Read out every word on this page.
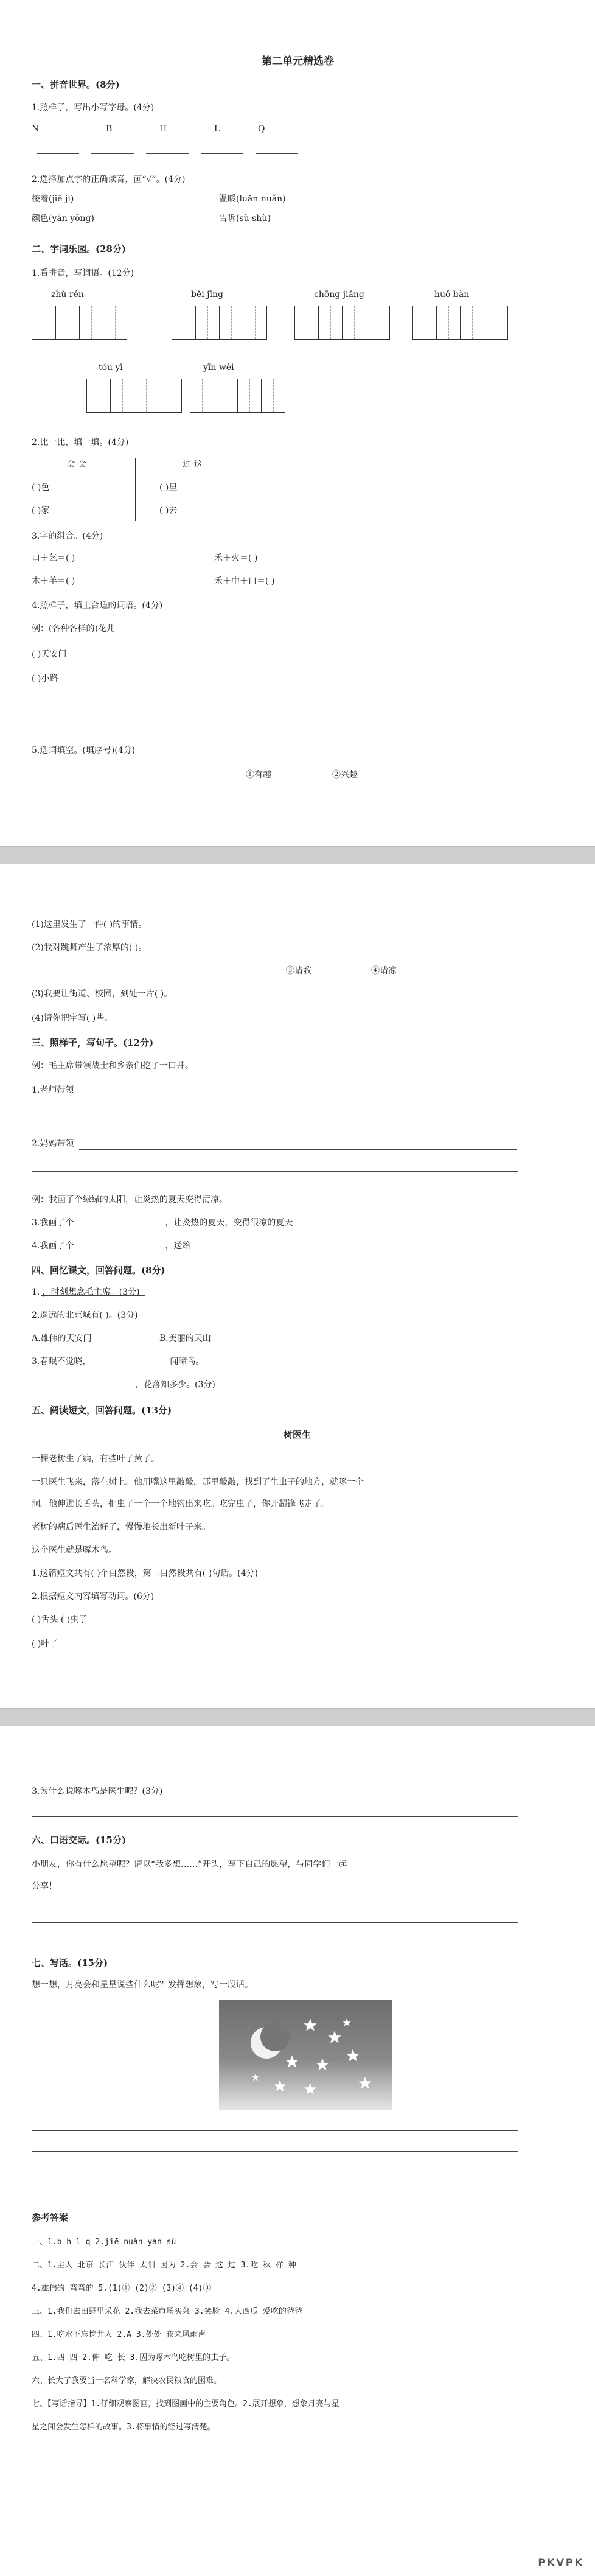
第二单元精选卷
一、拼音世界。(8分)
1.照样子，写出小写字母。(4分)
N	B	H	L	Q
2.选择加点字的正确读音，画“√”。(4分)
接着(jiē jì)	温暖(luǎn nuǎn)
颜色(yán yōng)	告诉(sù shù)
二、字词乐园。(28分)
1.看拼音，写词语。(12分)
zhǔ rén	běi jīng	chōng jiǎng	huǒ bàn
tóu yī	yīn wèi
2.比一比，填一填。(4分)
会 会	过 这
( )色	( )里
( )家	( )去
3.字的组合。(4分)
口＋乞＝( )	禾＋火＝( )
木＋羊＝( )	禾＋中＋口＝( )
4.照样子，填上合适的词语。(4分)
例：(各种各样的)花儿
( )天安门
( )小路
5.选词填空。(填序号)(4分)
①有趣	②兴趣
(1)这里发生了一件( )的事情。
(2)我对跳舞产生了浓厚的( )。
③请教	④请凉
(3)我要让街道、校园，到处一片( )。
(4)请你把字写( )些。
三、照样子，写句子。(12分)
例：毛主席带领战士和乡亲们挖了一口井。
1.老师带领
2.妈妈带领
例：我画了个绿绿的太阳，让炎热的夏天变得清凉。
3.我画了个	，让炎热的夏天，变得很凉的夏天
4.我画了个	，送给
四、回忆课文，回答问题。(8分)
1. ，时刻想念毛主席。(3分)
2.遥远的北京城有( )。(3分)
A.雄伟的天安门	B.美丽的天山
3.春眠不觉晓，	闻啼鸟。
，花落知多少。(3分)
五、阅读短文，回答问题。(13分)
树医生
一棵老树生了病，有些叶子黄了。
一只医生飞来，落在树上。他用嘴这里敲敲，那里敲敲，找到了生虫子的地方，就啄一个
洞。他伸进长舌头，把虫子一个一个地钩出来吃。吃完虫子，你开超锋飞走了。
老树的病后医生治好了，慢慢地长出新叶子来。
这个医生就是啄木鸟。
1.这篇短文共有( )个自然段，第二自然段共有( )句话。(4分)
2.根据短文内容填写动词。(6分)
( )舌头 ( )虫子
( )叶子
3.为什么说啄木鸟是医生呢？(3分)
六、口语交际。(15分)
小朋友，你有什么愿望呢？请以“我多想……”开头，写下自己的愿望，与同学们一起
分享！
七、写话。(15分)
想一想，月亮会和星星说些什么呢？发挥想象，写一段话。
参考答案
一、1.b h l q 2.jiē nuǎn yán sù
二、1.主人 北京 长江 伙伴 太阳 因为 2.会 会 这 过 3.吃 秋 样 种
4.雄伟的 弯弯的 5.(1)① (2)② (3)④ (4)③
三、1.我们去田野里采花 2.我去菜市场买菜 3.笑脸 4.大西瓜 爱吃的爸爸
四、1.吃水不忘挖井人 2.A 3.处处 夜来风雨声
五、1.四 四 2.伸 吃 长 3.因为啄木鸟吃树里的虫子。
六、长大了我要当一名科学家，解决农民粮食的困难。
七、【写话指导】1.仔细观察图画，找到图画中的主要角色。2.展开想象，想象月亮与星
星之间会发生怎样的故事。3.将事情的经过写清楚。
PKVPK
